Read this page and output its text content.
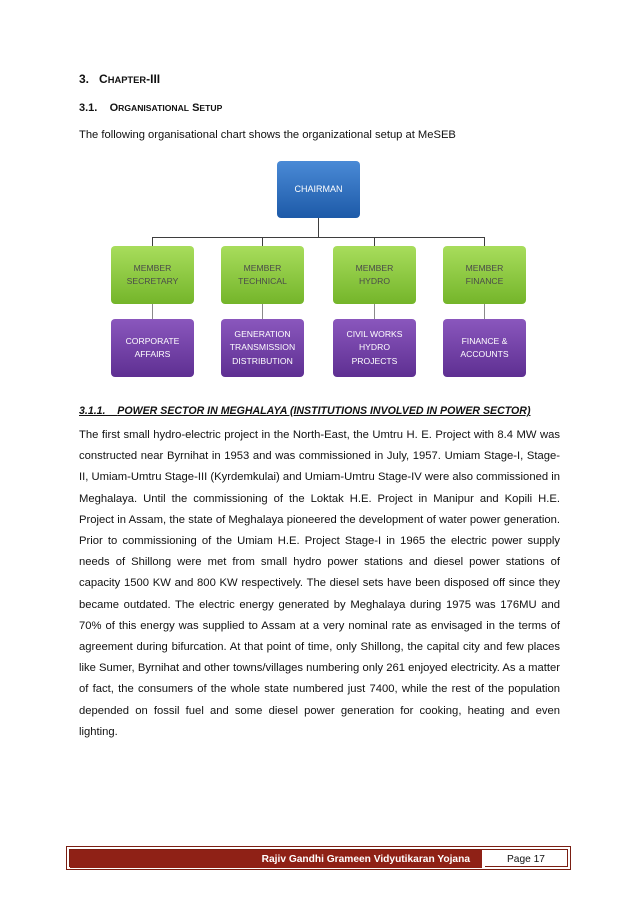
3. CHAPTER-III
3.1. ORGANISATIONAL SETUP
The following organisational chart shows the organizational setup at MeSEB
CHAIRMAN
MEMBER
SECRETARY
MEMBER
TECHNICAL
MEMBER
HYDRO
MEMBER
FINANCE
CORPORATE
AFFAIRS
GENERATION
TRANSMISSION
DISTRIBUTION
CIVIL WORKS
HYDRO
PROJECTS
FINANCE &
ACCOUNTS
3.1.1. POWER SECTOR IN MEGHALAYA (INSTITUTIONS INVOLVED IN POWER SECTOR)
The first small hydro-electric project in the North-East, the Umtru H. E. Project with 8.4 MW was constructed near Byrnihat in 1953 and was commissioned in July, 1957. Umiam Stage-I, Stage-II, Umiam-Umtru Stage-III (Kyrdemkulai) and Umiam-Umtru Stage-IV were also commissioned in Meghalaya. Until the commissioning of the Loktak H.E. Project in Manipur and Kopili H.E. Project in Assam, the state of Meghalaya pioneered the development of water power generation. Prior to commissioning of the Umiam H.E. Project Stage-I in 1965 the electric power supply needs of Shillong were met from small hydro power stations and diesel power stations of capacity 1500 KW and 800 KW respectively. The diesel sets have been disposed off since they became outdated. The electric energy generated by Meghalaya during 1975 was 176MU and 70% of this energy was supplied to Assam at a very nominal rate as envisaged in the terms of agreement during bifurcation. At that point of time, only Shillong, the capital city and few places like Sumer, Byrnihat and other towns/villages numbering only 261 enjoyed electricity. As a matter of fact, the consumers of the whole state numbered just 7400, while the rest of the population depended on fossil fuel and some diesel power generation for cooking, heating and even lighting.
Rajiv Gandhi Grameen Vidyutikaran Yojana	Page 17
